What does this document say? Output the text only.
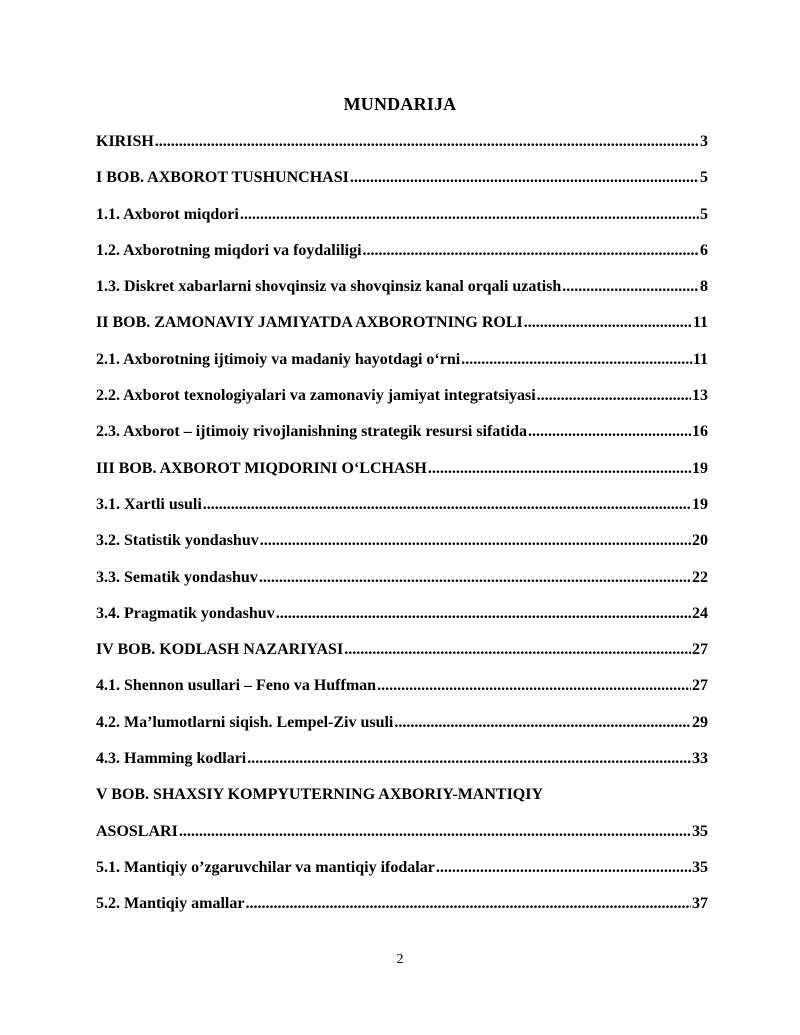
MUNDARIJA
KIRISH .....	3
I BOB. AXBOROT TUSHUNCHASI .....	5
1.1. Axborot miqdori .....	5
1.2. Axborotning miqdori va foydaliligi .....	6
1.3. Diskret xabarlarni shovqinsiz va shovqinsiz kanal orqali uzatish .....	8
II BOB. ZAMONAVIY JAMIYATDA AXBOROTNING ROLI .....	11
2.1. Axborotning ijtimoiy va madaniy hayotdagi o‘rni .....	11
2.2. Axborot texnologiyalari va zamonaviy jamiyat integratsiyasi .....	13
2.3. Axborot – ijtimoiy rivojlanishning strategik resursi sifatida .....	16
III BOB. AXBOROT MIQDORINI O‘LCHASH .....	19
3.1. Xartli usuli .....	19
3.2. Statistik yondashuv .....	20
3.3. Sematik yondashuv .....	22
3.4. Pragmatik yondashuv .....	24
IV BOB. KODLASH NAZARIYASI .....	27
4.1. Shennon usullari – Feno va Huffman .....	27
4.2. Ma’lumotlarni siqish. Lempel-Ziv usuli .....	29
4.3. Hamming kodlari .....	33
V BOB. SHAXSIY KOMPYUTERNING AXBORIY-MANTIQIY
ASOSLARI .....	35
5.1. Mantiqiy o’zgaruvchilar va mantiqiy ifodalar .....	35
5.2. Mantiqiy amallar .....	37
2
